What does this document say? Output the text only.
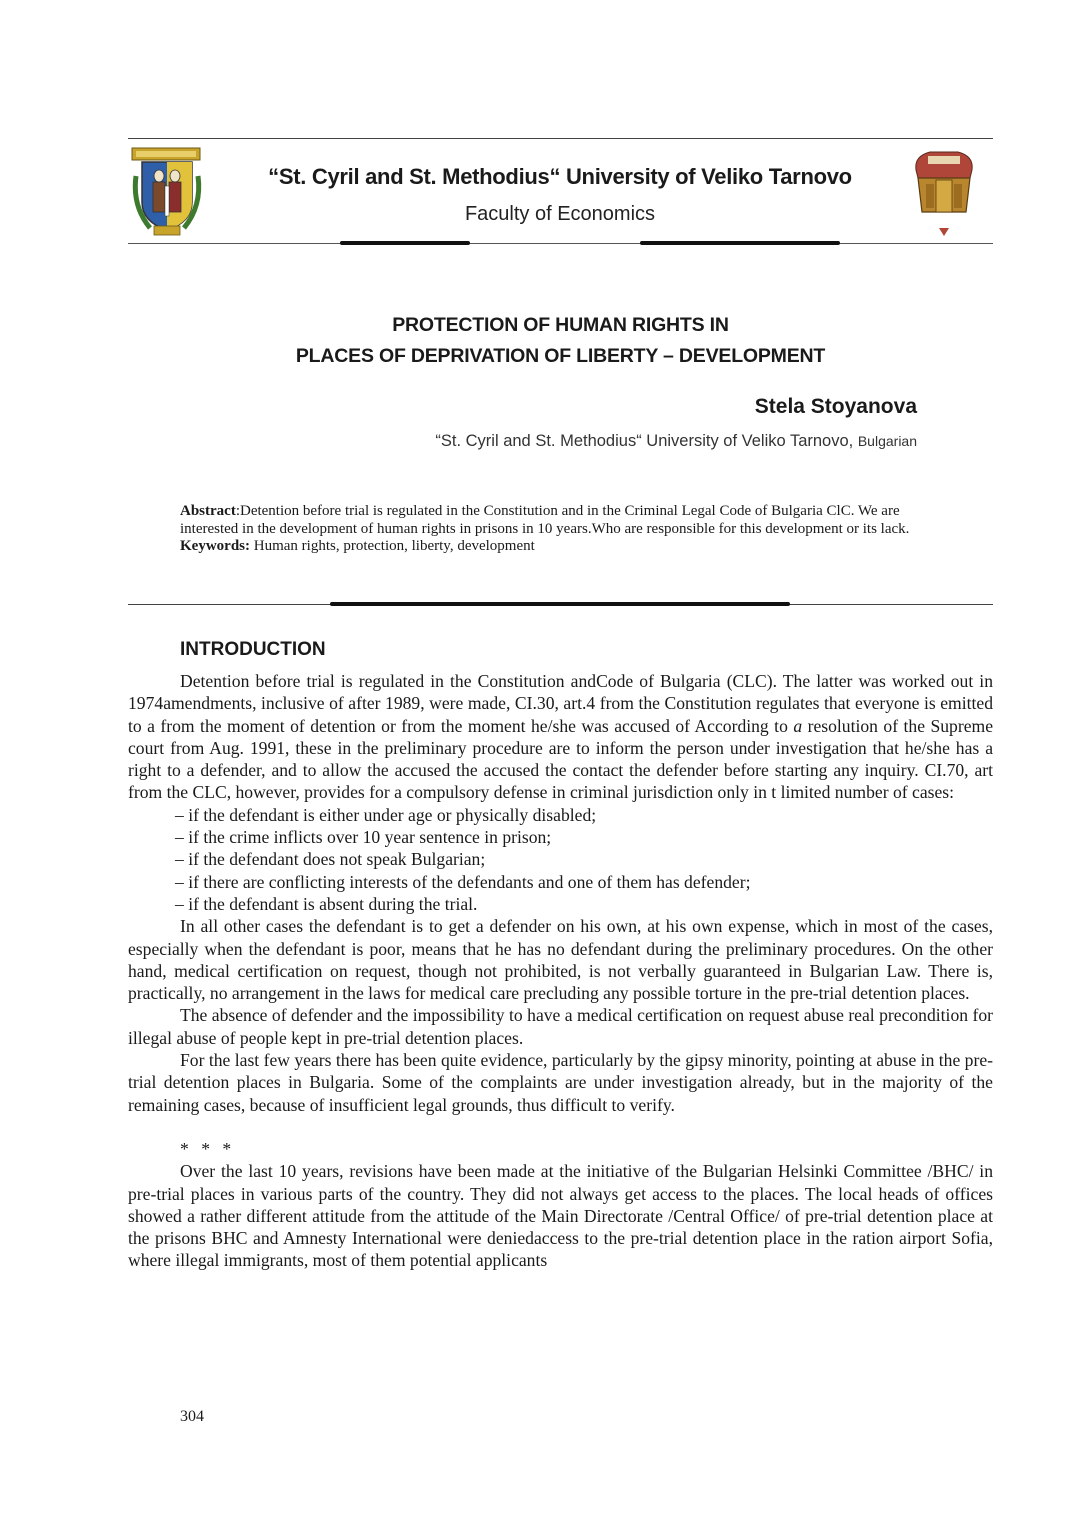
“St. Cyril and St. Methodius“ University of Veliko Tarnovo
Faculty of Economics
PROTECTION OF HUMAN RIGHTS IN
PLACES OF DEPRIVATION OF LIBERTY – DEVELOPMENT
Stela Stoyanova
“St. Cyril and St. Methodius“ University of Veliko Tarnovo, Bulgarian
Abstract:Detention before trial is regulated in the Constitution and in the Criminal Legal Code of Bulgaria ClC. We are interested in the development of human rights in prisons in 10 years.Who are responsible for this development or its lack.
Keywords: Human rights, protection, liberty, development
INTRODUCTION

Detention before trial is regulated in the Constitution andCode of Bulgaria (CLC). The latter was worked out in 1974amendments, inclusive of after 1989, were made, CI.30, art.4 from the Constitution regulates that everyone is emitted to a from the moment of detention or from the moment he/she was accused of According to a resolution of the Supreme court from Aug. 1991, these in the preliminary procedure are to inform the person under investigation that he/she has a right to a defender, and to allow the accused the accused the contact the defender before starting any inquiry. CI.70, art from the CLC, however, provides for a compulsory defense in criminal jurisdiction only in t limited number of cases:

– if the defendant is either under age or physically disabled;

– if the crime inflicts over 10 year sentence in prison;

– if the defendant does not speak Bulgarian;

– if there are conflicting interests of the defendants and one of them has defender;

– if the defendant is absent during the trial.

In all other cases the defendant is to get a defender on his own, at his own expense, which in most of the cases, especially when the defendant is poor, means that he has no defendant during the preliminary procedures. On the other hand, medical certification on request, though not prohibited, is not verbally guaranteed in Bulgarian Law. There is, practically, no arrangement in the laws for medical care precluding any possible torture in the pre-trial detention places.

The absence of defender and the impossibility to have a medical certification on request abuse real precondition for illegal abuse of people kept in pre-trial detention places.

For the last few years there has been quite evidence, particularly by the gipsy minority, pointing at abuse in the pre-trial detention places in Bulgaria. Some of the complaints are under investigation already, but in the majority of the remaining cases, because of insufficient legal grounds, thus difficult to verify.

* * *

Over the last 10 years, revisions have been made at the initiative of the Bulgarian Helsinki Committee /BHC/ in pre-trial places in various parts of the country. They did not always get access to the places. The local heads of offices showed a rather different attitude from the attitude of the Main Directorate /Central Office/ of pre-trial detention place at the prisons BHC and Amnesty International were deniedaccess to the pre-trial detention place in the ration airport Sofia, where illegal immigrants, most of them potential applicants

304
